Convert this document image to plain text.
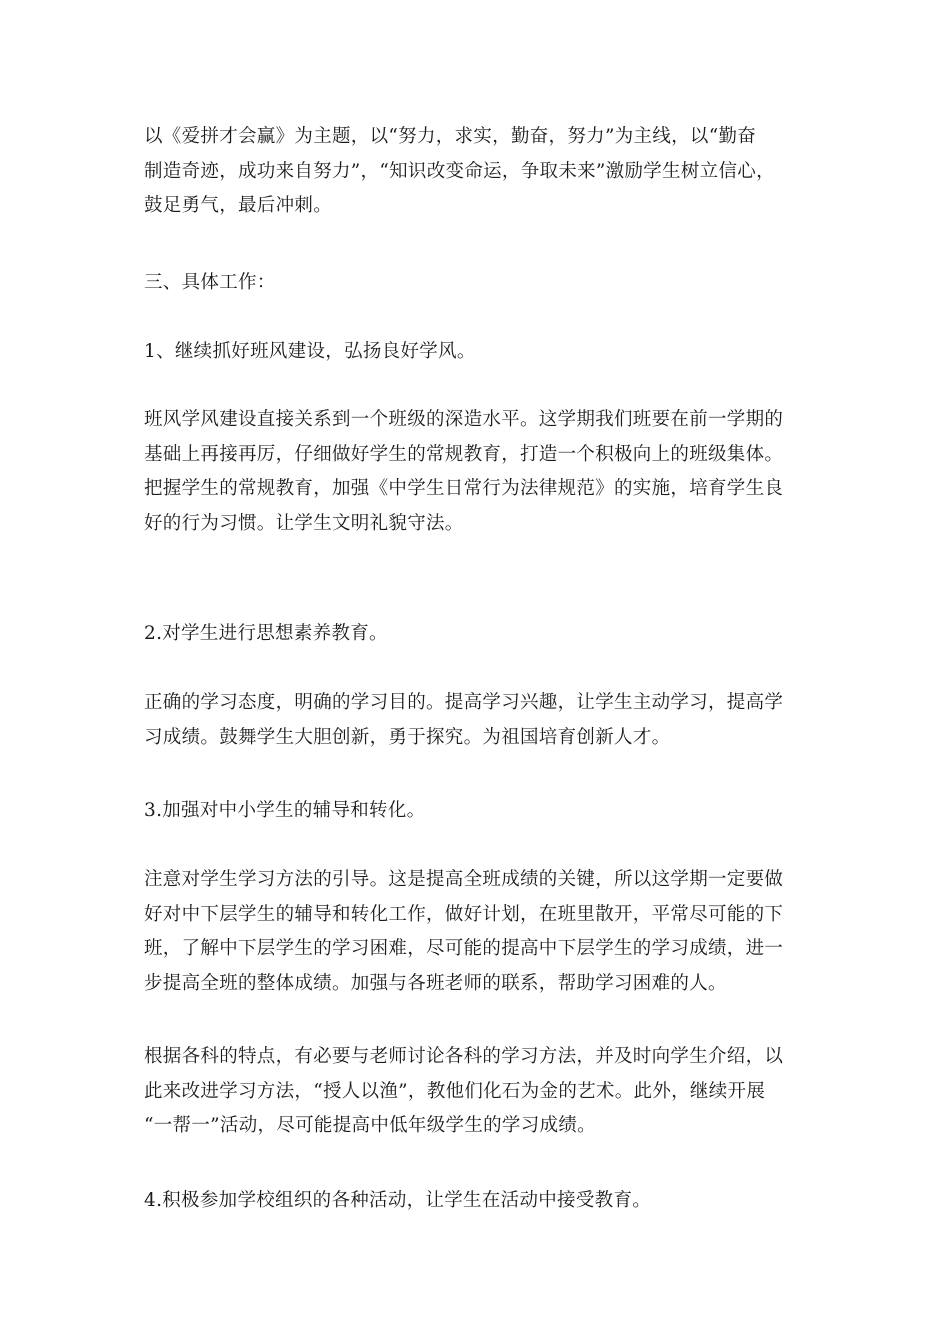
以《爱拼才会赢》为主题，以“努力，求实，勤奋，努力”为主线，以“勤奋
制造奇迹，成功来自努力”，“知识改变命运，争取未来”激励学生树立信心，
鼓足勇气，最后冲刺。

三、具体工作：

1、继续抓好班风建设，弘扬良好学风。

班风学风建设直接关系到一个班级的深造水平。这学期我们班要在前一学期的
基础上再接再厉，仔细做好学生的常规教育，打造一个积极向上的班级集体。
把握学生的常规教育，加强《中学生日常行为法律规范》的实施，培育学生良
好的行为习惯。让学生文明礼貌守法。

2.对学生进行思想素养教育。

正确的学习态度，明确的学习目的。提高学习兴趣，让学生主动学习，提高学
习成绩。鼓舞学生大胆创新，勇于探究。为祖国培育创新人才。

3.加强对中小学生的辅导和转化。

注意对学生学习方法的引导。这是提高全班成绩的关键，所以这学期一定要做
好对中下层学生的辅导和转化工作，做好计划，在班里散开，平常尽可能的下
班，了解中下层学生的学习困难，尽可能的提高中下层学生的学习成绩，进一
步提高全班的整体成绩。加强与各班老师的联系，帮助学习困难的人。

根据各科的特点，有必要与老师讨论各科的学习方法，并及时向学生介绍，以
此来改进学习方法，“授人以渔”，教他们化石为金的艺术。此外，继续开展
“一帮一”活动，尽可能提高中低年级学生的学习成绩。

4.积极参加学校组织的各种活动，让学生在活动中接受教育。
